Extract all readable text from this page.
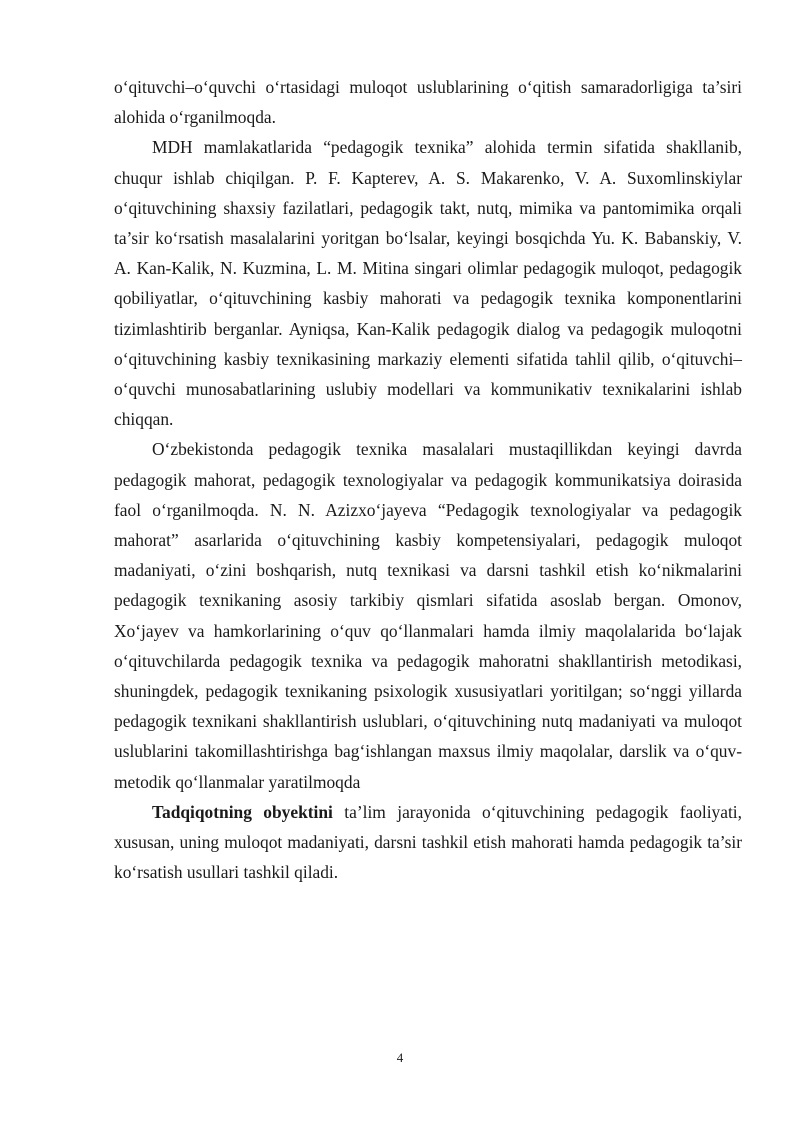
o‘qituvchi–o‘quvchi o‘rtasidagi muloqot uslublarining o‘qitish samaradorligiga ta’siri alohida o‘rganilmoqda.

MDH mamlakatlarida “pedagogik texnika” alohida termin sifatida shakllanib, chuqur ishlab chiqilgan. P. F. Kapterev, A. S. Makarenko, V. A. Suxomlinskiylar o‘qituvchining shaxsiy fazilatlari, pedagogik takt, nutq, mimika va pantomimika orqali ta’sir ko‘rsatish masalalarini yoritgan bo‘lsalar, keyingi bosqichda Yu. K. Babanskiy, V. A. Kan-Kalik, N. Kuzmina, L. M. Mitina singari olimlar pedagogik muloqot, pedagogik qobiliyatlar, o‘qituvchining kasbiy mahorati va pedagogik texnika komponentlarini tizimlashtirib berganlar. Ayniqsa, Kan-Kalik pedagogik dialog va pedagogik muloqotni o‘qituvchining kasbiy texnikasining markaziy elementi sifatida tahlil qilib, o‘qituvchi–o‘quvchi munosabatlarining uslubiy modellari va kommunikativ texnikalarini ishlab chiqqan.

O‘zbekistonda pedagogik texnika masalalari mustaqillikdan keyingi davrda pedagogik mahorat, pedagogik texnologiyalar va pedagogik kommunikatsiya doirasida faol o‘rganilmoqda. N. N. Azizxo‘jayeva “Pedagogik texnologiyalar va pedagogik mahorat” asarlarida o‘qituvchining kasbiy kompetensiyalari, pedagogik muloqot madaniyati, o‘zini boshqarish, nutq texnikasi va darsni tashkil etish ko‘nikmalarini pedagogik texnikaning asosiy tarkibiy qismlari sifatida asoslab bergan. Omonov, Xo‘jayev va hamkorlarining o‘quv qo‘llanmalari hamda ilmiy maqolalarida bo‘lajak o‘qituvchilarda pedagogik texnika va pedagogik mahoratni shakllantirish metodikasi, shuningdek, pedagogik texnikaning psixologik xususiyatlari yoritilgan; so‘nggi yillarda pedagogik texnikani shakllantirish uslublari, o‘qituvchining nutq madaniyati va muloqot uslublarini takomillashtirishga bag‘ishlangan maxsus ilmiy maqolalar, darslik va o‘quv-metodik qo‘llanmalar yaratilmoqda

Tadqiqotning obyektini ta’lim jarayonida o‘qituvchining pedagogik faoliyati, xususan, uning muloqot madaniyati, darsni tashkil etish mahorati hamda pedagogik ta’sir ko‘rsatish usullari tashkil qiladi.

4
